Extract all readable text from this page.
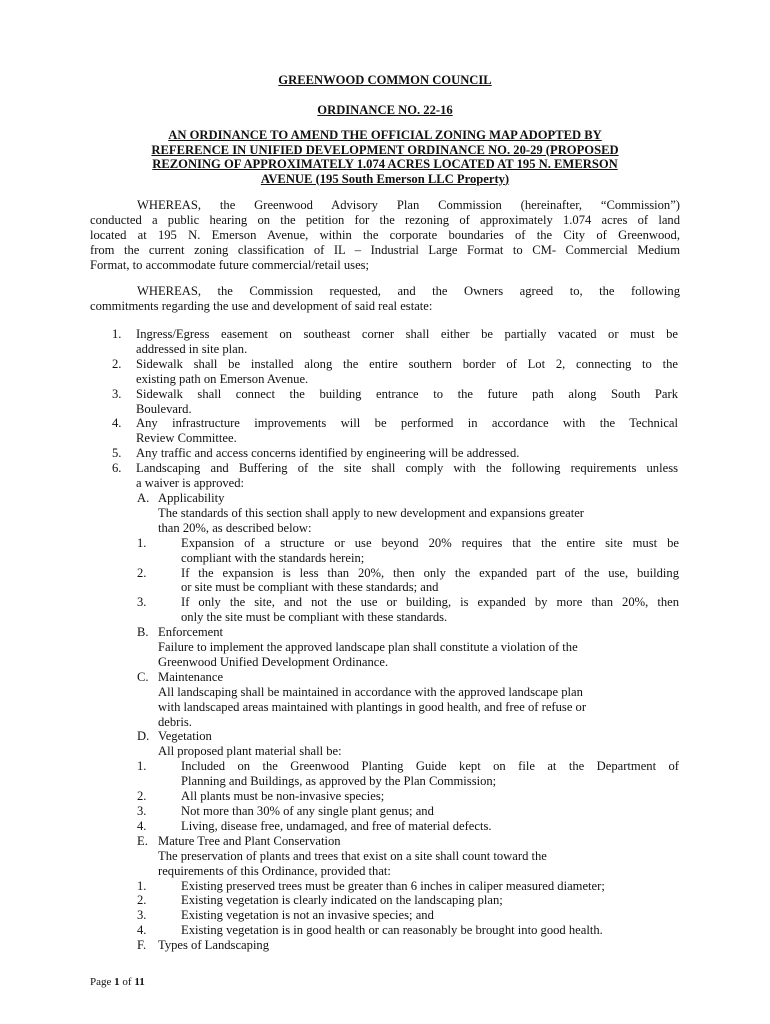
GREENWOOD COMMON COUNCIL
ORDINANCE NO. 22-16
AN ORDINANCE TO AMEND THE OFFICIAL ZONING MAP ADOPTED BY
REFERENCE IN UNIFIED DEVELOPMENT ORDINANCE NO. 20-29 (PROPOSED
REZONING OF APPROXIMATELY 1.074 ACRES LOCATED AT 195 N. EMERSON
AVENUE (195 South Emerson LLC Property)
WHEREAS, the Greenwood Advisory Plan Commission (hereinafter, “Commission”)
conducted a public hearing on the petition for the rezoning of approximately 1.074 acres of land
located at 195 N. Emerson Avenue, within the corporate boundaries of the City of Greenwood,
from the current zoning classification of IL – Industrial Large Format to CM- Commercial Medium
Format, to accommodate future commercial/retail uses;
WHEREAS, the Commission requested, and the Owners agreed to, the following
commitments regarding the use and development of said real estate:
1. Ingress/Egress easement on southeast corner shall either be partially vacated or must be
addressed in site plan.
2. Sidewalk shall be installed along the entire southern border of Lot 2, connecting to the
existing path on Emerson Avenue.
3. Sidewalk shall connect the building entrance to the future path along South Park
Boulevard.
4. Any infrastructure improvements will be performed in accordance with the Technical
Review Committee.
5. Any traffic and access concerns identified by engineering will be addressed.
6. Landscaping and Buffering of the site shall comply with the following requirements unless
a waiver is approved:
A. Applicability
The standards of this section shall apply to new development and expansions greater
than 20%, as described below:
1.	Expansion of a structure or use beyond 20% requires that the entire site must be
compliant with the standards herein;
2.	If the expansion is less than 20%, then only the expanded part of the use, building
or site must be compliant with these standards; and
3.	If only the site, and not the use or building, is expanded by more than 20%, then
only the site must be compliant with these standards.
B. Enforcement
Failure to implement the approved landscape plan shall constitute a violation of the
Greenwood Unified Development Ordinance.
C. Maintenance
All landscaping shall be maintained in accordance with the approved landscape plan
with landscaped areas maintained with plantings in good health, and free of refuse or
debris.
D. Vegetation
All proposed plant material shall be:
1.	Included on the Greenwood Planting Guide kept on file at the Department of
Planning and Buildings, as approved by the Plan Commission;
2.	All plants must be non-invasive species;
3.	Not more than 30% of any single plant genus; and
4.	Living, disease free, undamaged, and free of material defects.
E. Mature Tree and Plant Conservation
The preservation of plants and trees that exist on a site shall count toward the
requirements of this Ordinance, provided that:
1.	Existing preserved trees must be greater than 6 inches in caliper measured diameter;
2.	Existing vegetation is clearly indicated on the landscaping plan;
3.	Existing vegetation is not an invasive species; and
4.	Existing vegetation is in good health or can reasonably be brought into good health.
F. Types of Landscaping
Page 1 of 11
